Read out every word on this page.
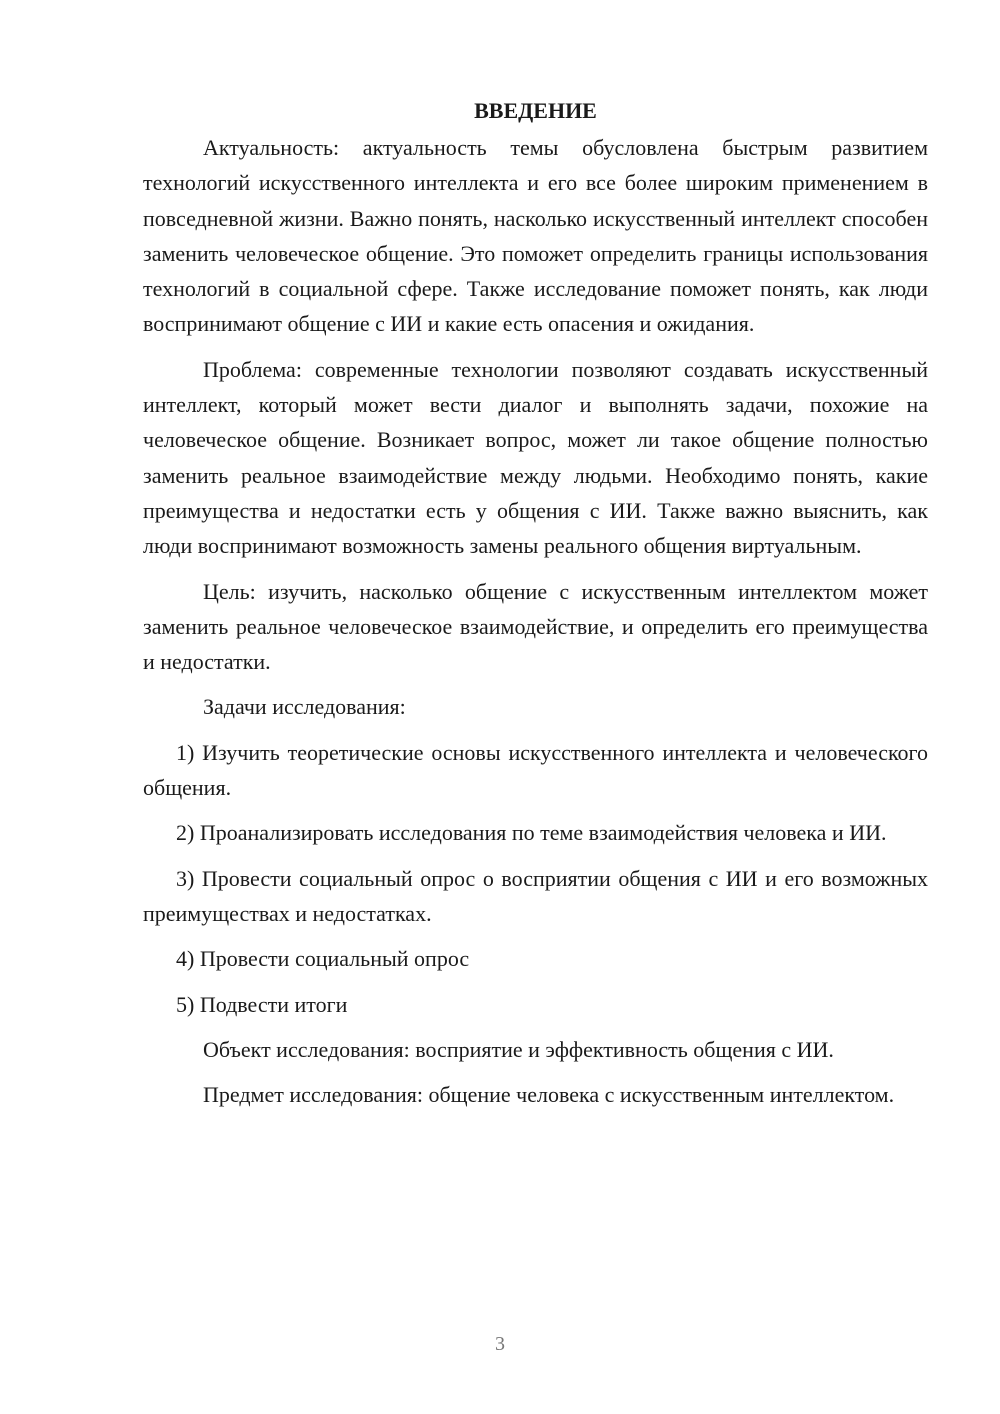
ВВЕДЕНИЕ

Актуальность: актуальность темы обусловлена быстрым развитием технологий искусственного интеллекта и его все более широким применением в повседневной жизни. Важно понять, насколько искусственный интеллект способен заменить человеческое общение. Это поможет определить границы использования технологий в социальной сфере. Также исследование поможет понять, как люди воспринимают общение с ИИ и какие есть опасения и ожидания.

Проблема: современные технологии позволяют создавать искусственный интеллект, который может вести диалог и выполнять задачи, похожие на человеческое общение. Возникает вопрос, может ли такое общение полностью заменить реальное взаимодействие между людьми. Необходимо понять, какие преимущества и недостатки есть у общения с ИИ. Также важно выяснить, как люди воспринимают возможность замены реального общения виртуальным.

Цель: изучить, насколько общение с искусственным интеллектом может заменить реальное человеческое взаимодействие, и определить его преимущества и недостатки.

Задачи исследования:

1) Изучить теоретические основы искусственного интеллекта и человеческого общения.

2) Проанализировать исследования по теме взаимодействия человека и ИИ.

3) Провести социальный опрос о восприятии общения с ИИ и его возможных преимуществах и недостатках.

4) Провести социальный опрос

5) Подвести итоги

Объект исследования: восприятие и эффективность общения с ИИ.

Предмет исследования: общение человека с искусственным интеллектом.

3
